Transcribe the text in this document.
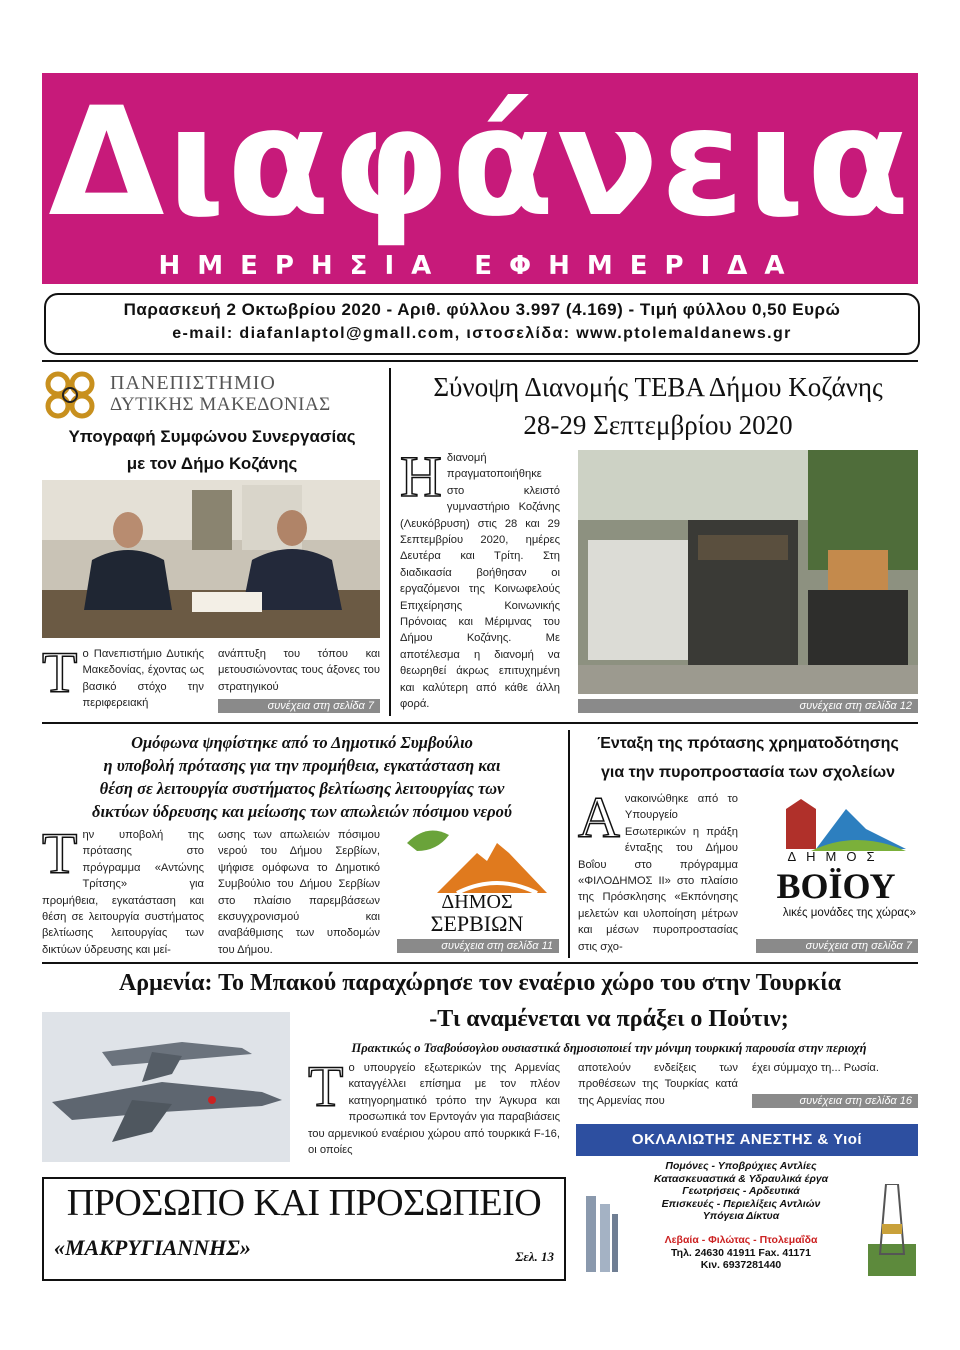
Διαφάνεια
ΗΜΕΡΗΣΙΑ ΕΦΗΜΕΡΙΔΑ
Παρασκευή 2 Οκτωβρίου 2020 - Αριθ. φύλλου 3.997 (4.169) - Τιμή φύλλου 0,50 Ευρώ
e-mail: diafanlaptol@gmall.com, ιστοσελίδα: www.ptolemaldanews.gr
ΠΑΝΕΠΙΣΤΗΜΙΟ
ΔΥΤΙΚΗΣ ΜΑΚΕΔΟΝΙΑΣ
Υπογραφή Συμφώνου Συνεργασίας
με τον Δήμο Κοζάνης
Το Πανεπιστήμιο Δυτικής Μακεδονίας, έχοντας ως βασικό στόχο την περιφερειακή
ανάπτυξη του τόπου και μετουσιώνοντας τους άξονες του στρατηγικού
συνέχεια στη σελίδα 7
Σύνοψη Διανομής ΤΕΒΑ Δήμου Κοζάνης
28-29 Σεπτεμβρίου 2020
Ηδιανομή πραγματοποιήθηκε στο κλειστό γυμναστήριο Κοζάνης (Λευκόβρυση) στις 28 και 29 Σεπτεμβρίου 2020, ημέρες Δευτέρα και Τρίτη. Στη διαδικασία βοήθησαν οι εργαζόμενοι της Κοινωφελούς Επιχείρησης Κοινωνικής Πρόνοιας και Μέριμνας του Δήμου Κοζάνης. Με αποτέλεσμα η διανομή να θεωρηθεί άκρως επιτυχημένη και καλύτερη από κάθε άλλη φορά.	συνέχεια στη σελίδα 12
Ομόφωνα ψηφίστηκε από το Δημοτικό Συμβούλιο
η υποβολή πρότασης για την προμήθεια, εγκατάσταση και
θέση σε λειτουργία συστήματος βελτίωσης λειτουργίας των
δικτύων ύδρευσης και μείωσης των απωλειών πόσιμου νερού
Την υποβολή της πρότασης στο πρόγραμμα «Αντώνης Τρίτσης» για προμήθεια, εγκατάσταση και θέση σε λειτουργία συστήματος βελτίωσης λειτουργίας των δικτύων ύδρευσης και μεί-
ωσης των απωλειών πόσιμου νερού του Δήμου Σερβίων, ψήφισε ομόφωνα το Δημοτικό Συμβούλιο του Δήμου Σερβίων στο πλαίσιο παρεμβάσεων εκσυγχρονισμού και αναβάθμισης των υποδομών του Δήμου.
ΔΗΜΟΣ
ΣΕΡΒΙΩΝ
συνέχεια στη σελίδα 11
Ένταξη της πρότασης χρηματοδότησης
για την πυροπροστασία των σχολείων
Ανακοινώθηκε από το Υπουργείο Εσωτερικών η πράξη ένταξης του Δήμου Βοΐου στο πρόγραμμα «ΦΙΛΟΔΗΜΟΣ ΙΙ» στο πλαίσιο της Πρόσκλησης «Εκπόνησης μελετών και υλοποίηση μέτρων και μέσων πυροπροστασίας στις σχο-
ΔΗΜΟΣ
ΒΟΪΟΥ
λικές μονάδες της χώρας»
συνέχεια στη σελίδα 7
Αρμενία: Το Μπακού παραχώρησε τον εναέριο χώρο του στην Τουρκία
-Τι αναμένεται να πράξει ο Πούτιν;
Πρακτικώς ο Τσαβούσογλου ουσιαστικά δημοσιοποιεί την μόνιμη τουρκική παρουσία στην περιοχή
Το υπουργείο εξωτερικών της Αρμενίας καταγγέλλει επίσημα με τον πλέον κατηγορηματικό τρόπο την Άγκυρα και προσωπικά τον Ερντογάν για παραβιάσεις του αρμενικού εναέριου χώρου από τουρκικά F-16, οι οποίες
αποτελούν ενδείξεις των προθέσεων της Τουρκίας κατά της Αρμενίας που
έχει σύμμαχο τη... Ρωσία.
συνέχεια στη σελίδα 16
ΠΡΟΣΩΠΟ ΚΑΙ ΠΡΟΣΩΠΕΙΟ
«ΜΑΚΡΥΓΙΑΝΝΗΣ»	Σελ. 13
ΟΚΛΑΛΙΩΤΗΣ ΑΝΕΣΤΗΣ & Υιοί
Πομόνες - Υποβρύχιες Αντλίες
Κατασκευαστικά & Υδραυλικά έργα
Γεωτρήσεις - Αρδευτικά
Επισκευές - Περιελίξεις Αντλιών
Υπόγεια Δίκτυα
Λεβαία - Φιλώτας - Πτολεμαΐδα
Τηλ. 24630 41911 Fax. 41171
Κιν. 6937281440
